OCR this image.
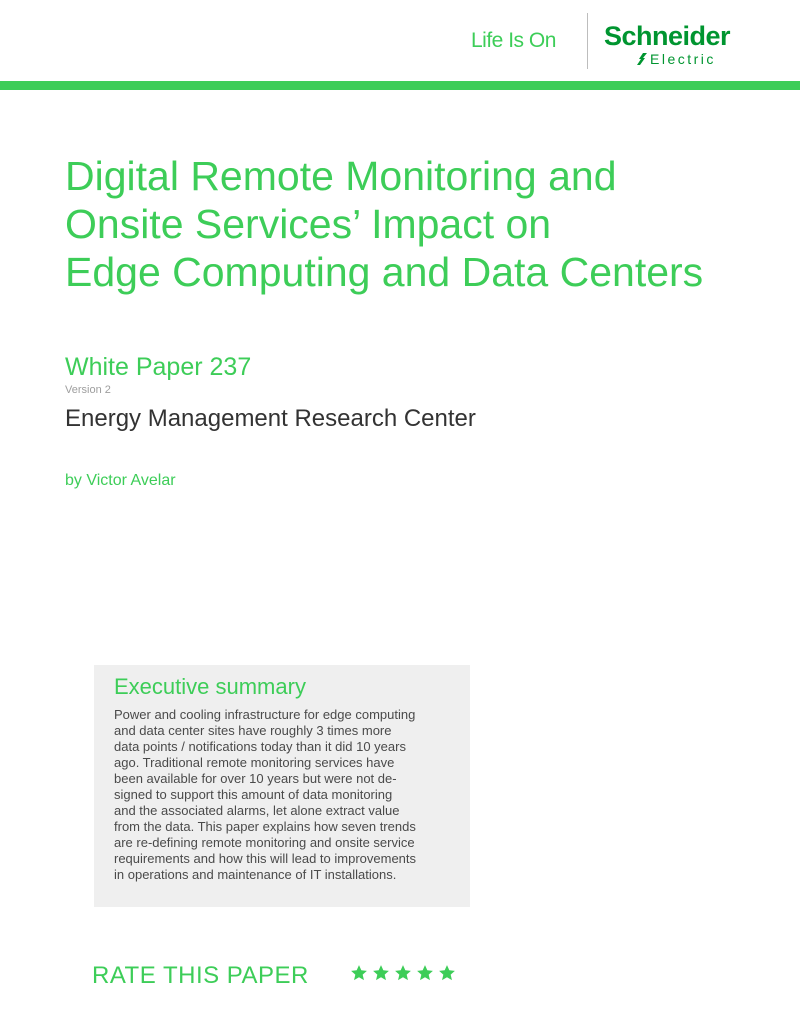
Life Is On Schneider
Electric
Digital Remote Monitoring and
Onsite Services’ Impact on
Edge Computing and Data Centers
White Paper 237
Version 2
Energy Management Research Center
by Victor Avelar
Executive summary
Power and cooling infrastructure for edge computing
and data center sites have roughly 3 times more
data points / notifications today than it did 10 years
ago. Traditional remote monitoring services have
been available for over 10 years but were not de-
signed to support this amount of data monitoring
and the associated alarms, let alone extract value
from the data. This paper explains how seven trends
are re-defining remote monitoring and onsite service
requirements and how this will lead to improvements
in operations and maintenance of IT installations.
RATE THIS PAPER
